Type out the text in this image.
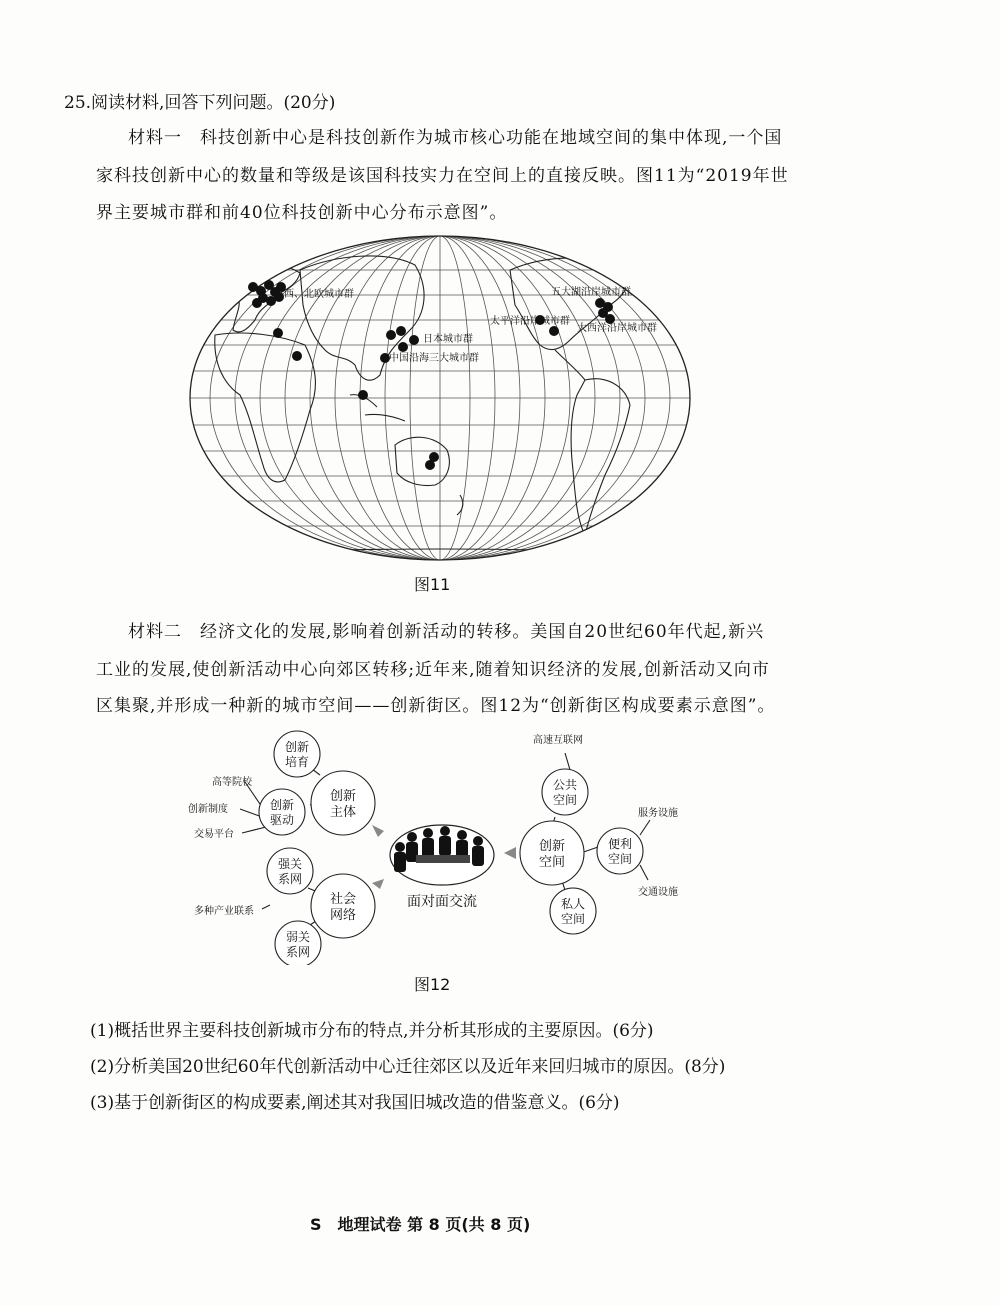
25.阅读材料,回答下列问题。(20分)
材料一　科技创新中心是科技创新作为城市核心功能在地域空间的集中体现,一个国
家科技创新中心的数量和等级是该国科技实力在空间上的直接反映。图11为“2019年世
界主要城市群和前40位科技创新中心分布示意图”。
西、北欧城市群
日本城市群
中国沿海三大城市群
五大湖沿岸城市群
太平洋沿岸城市群
大西洋沿岸城市群
图11
材料二　经济文化的发展,影响着创新活动的转移。美国自20世纪60年代起,新兴
工业的发展,使创新活动中心向郊区转移;近年来,随着知识经济的发展,创新活动又向市
区集聚,并形成一种新的城市空间——创新街区。图12为“创新街区构成要素示意图”。
创新
培育
创新
主体
创新
驱动
强关
系网
社会
网络
弱关
系网
公共
空间
创新
空间
便利
空间
私人
空间
面对面交流
高等院校
创新制度
交易平台
多种产业联系
高速互联网
服务设施
交通设施
图12
(1)概括世界主要科技创新城市分布的特点,并分析其形成的主要原因。(6分)
(2)分析美国20世纪60年代创新活动中心迁往郊区以及近年来回归城市的原因。(8分)
(3)基于创新街区的构成要素,阐述其对我国旧城改造的借鉴意义。(6分)
S　地理试卷 第 8 页(共 8 页)
